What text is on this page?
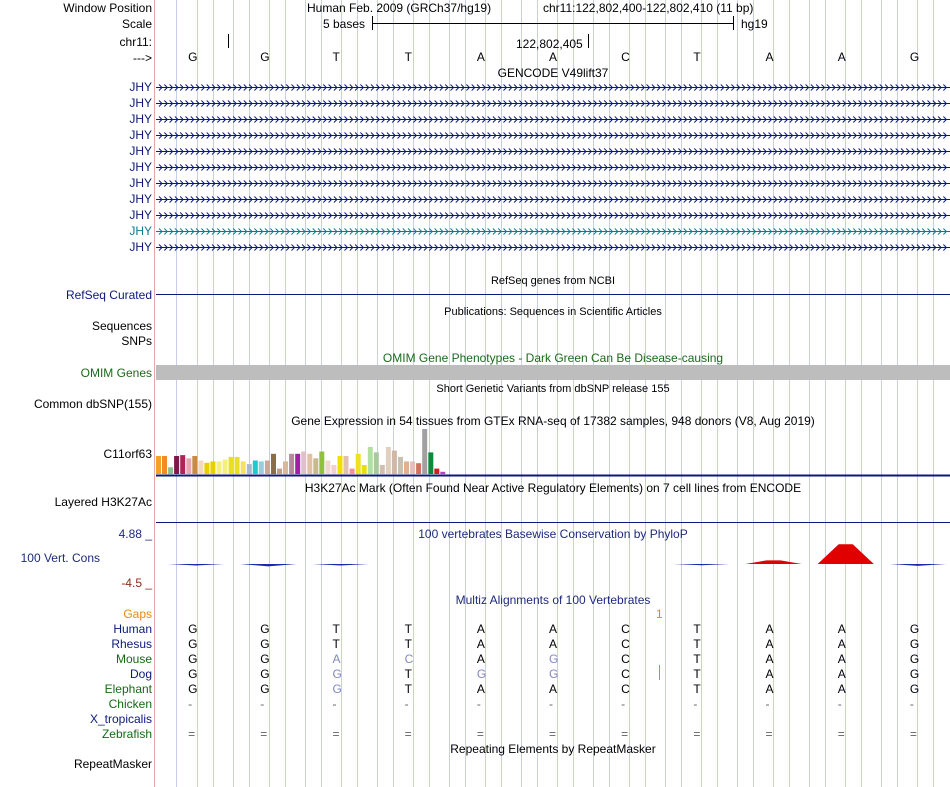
Window Position
Scale
chr11:
--->
Human Feb. 2009 (GRCh37/hg19)	chr11:122,802,400-122,802,410 (11 bp)
5 bases	hg19
122,802,405
G	G	T	T	A	A	C	T	A	A	G
GENCODE V49lift37
JHY
JHY
JHY
JHY
JHY
JHY
JHY
JHY
JHY
JHY
JHY
RefSeq genes from NCBI
RefSeq Curated
Publications: Sequences in Scientific Articles
Sequences
SNPs
OMIM Gene Phenotypes - Dark Green Can Be Disease-causing
OMIM Genes
Short Genetic Variants from dbSNP release 155
Common dbSNP(155)
Gene Expression in 54 tissues from GTEx RNA-seq of 17382 samples, 948 donors (V8, Aug 2019)
C11orf63
H3K27Ac Mark (Often Found Near Active Regulatory Elements) on 7 cell lines from ENCODE
Layered H3K27Ac
100 vertebrates Basewise Conservation by PhyloP
4.88 _
100 Vert. Cons
-4.5 _
Multiz Alignments of 100 Vertebrates
Gaps	1
Human	G	G	T	T	A	A	C	T	A	A	G
Rhesus	G	G	T	T	A	A	C	T	A	A	G
Mouse	G	G	A	C	A	G	C	T	A	A	G
Dog	G	G	G	T	G	G	C	T	A	A	G
Elephant	G	G	G	T	A	A	C	T	A	A	G
Chicken	-	-	-	-	-	-	-	-	-	-	-
X_tropicalis
Zebrafish	=	=	=	=	=	=	=	=	=	=	=
Repeating Elements by RepeatMasker
RepeatMasker
